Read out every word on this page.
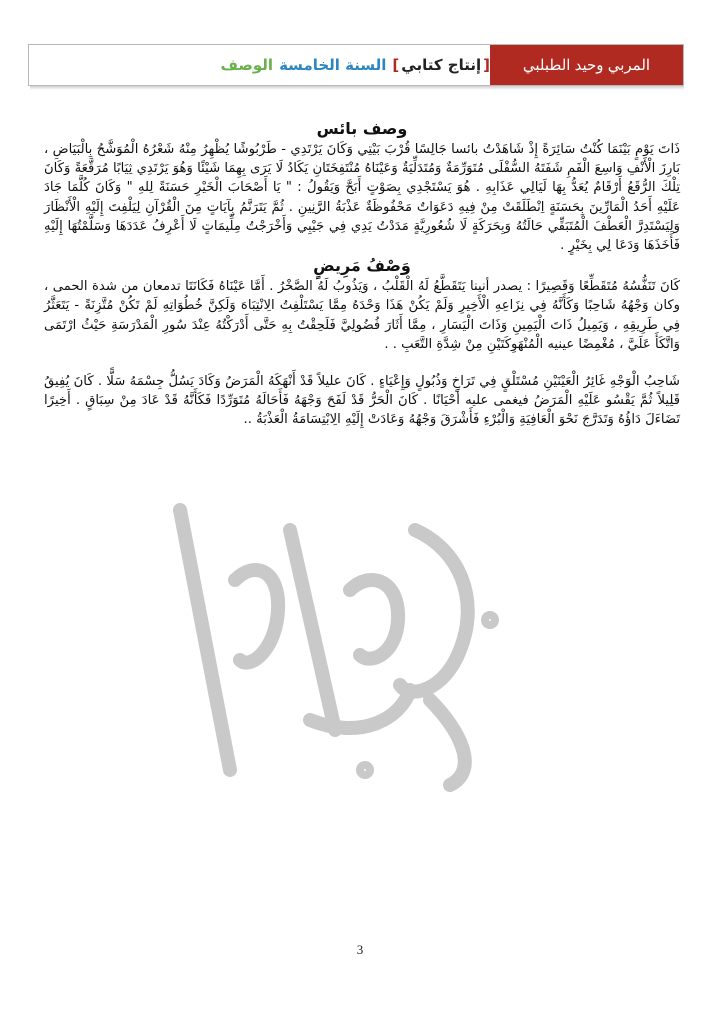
[
إنتاج كتابي
]
السنة الخامسة
الوصف	المربي وحيد الطبلبي
وصف بائس

ذَاتَ يَوْمٍ بَيْنَمَا كُنْتُ سَائِرَةً إِذْ شَاهَدْتُ بائسا جَالِسًا قُرْبَ بَيْتِي وَكَانَ يَرْتَدِي - طَرْبُوشًا يُظْهِرُ مِنْهُ شَعْرُهُ الْمُوَشَّحُ بِالْبَيَاضِ ، بَارِزَ الْأَنْفِ وَاسِعَ الْفَمِ شَفَتَهُ السُّفْلَى مُتَوَرِّمَةٌ وَمُتَدَلِّيَةٌ وَعَيْنَاهُ مُنْتَفِخَتَانِ يَكَادُ لَا يَرَى بِهِمَا شَيْئًا وَهُوَ يَرْتَدِي ثِيَابًا مُرَقَّعَةً وَكَانَ تِلْكَ الرُّقَعُ أَرْقَامٌ يُعَدُّ بِهَا لَيَالِي عَذَابِهِ . هُوَ يَسْتَجْدِي بِصَوْتٍ أَبَحَّ وَيَقُولُ : " يَا أَصْحَابَ الْخَيْرِ حَسَنَةً لِلهِ " وَكَانَ كُلَّمَا جَادَ عَلَيْهِ أَحَدُ الْمَارِّينَ بِحَسَنَةٍ اِنْطَلَقَتْ مِنْ فِيهِ دَعَوَاتٌ مَحْفُوظَةٌ عَذْبَةُ الرَّنِينِ . ثُمَّ يَتَرَنَّمُ بِآيَاتٍ مِنَ الْقُرْآنِ لِيَلْفِتَ إِلَيْهِ الْأَنْظَارَ وَلِيَسْتَدِرَّ الْعَطْفَ الْمُتَبَقِّي حَالَتُهُ وَبِحَرَكَةٍ لَا شُعُورِيَّةٍ مَدَدْتُ يَدِي فِي جَيْبِي وَأَخْرَجْتُ مِلِّيمَاتٍ لَا أَعْرِفُ عَدَدَهَا وَسَلَّمْتُهَا إِلَيْهِ فَأَخَذَهَا وَدَعَا لِي بِخَيْرٍ .

وَصْفُ مَرِيضٍ

كَانَ تَنَفُّسُهُ مُتَقَطِّعًا وَقَصِيرًا : يصدر أنينا يَتَقَطَّعُ لَهُ الْقَلْبُ ، وَيَذُوبُ لَهُ الصَّخْرُ . أَمَّا عَيْنَاهُ فَكَانَتَا تدمعان من شدة الحمى ، وكان وَجْهُهُ شَاحِبًا وَكَأَنَّهُ فِي نِزَاعِهِ الْأَخِيرِ وَلَمْ يَكُنْ هَذَا وَحْدَهُ مِمَّا يَسْتَلْفِتُ الِانْتِبَاهَ وَلَكِنَّ خُطُوَاتِهِ لَمْ تَكُنْ مُتَّزِنَةً - يَتَعَثَّرُ فِي طَرِيقِهِ ، وَيَمِيلُ ذَاتَ الْيَمِينِ وَذَاتَ الْيَسَارِ ، مِمَّا أَثَارَ فُضُولِيَّ فَلَحِقْتُ بِهِ حَتَّى أَدْرَكْتُهُ عِنْدَ سُورِ الْمَدْرَسَةِ حَيْثُ ارْتَمَى وَاتَّكَأَ عَلَيَّ ، مُغْمِضًا عينيه الْمُنْهَوِكَتَيْنِ مِنْ شِدَّةِ التَّعَبِ . .

شَاحِبُ الْوَجْهِ غَائِرُ الْعَيْنَيْنِ مُسْتَلْقٍ فِي تَرَاخٍ وَذُبُولٍ وَإِعْيَاءٍ . كَانَ عليلاً قَدْ أَنْهَكَهُ الْمَرَضُ وَكَادَ يَسُلُّ جِسْمَهُ سَلًّا . كَانَ يُفِيقُ قَلِيلاً ثُمَّ يَقْسُو عَلَيْهِ الْمَرَضُ فيغمى عليه أَحْيَانًا . كَانَ الْحَرُّ قَدْ لَفَحَ وَجْهَهُ فَأَحَالَهُ مُتَوَرِّدًا فَكَأَنَّهُ قَدْ عَادَ مِنْ سِبَاقٍ . أَخِيرًا تَضَاءَلَ دَاؤُهُ وَتَدَرَّجَ نَحْوَ الْعَافِيَةِ وَالْبُرْءِ فَأَشْرَقَ وَجْهُهُ وَعَادَتْ إِلَيْهِ الِابْتِسَامَةُ الْعَذْبَةُ ..

3
